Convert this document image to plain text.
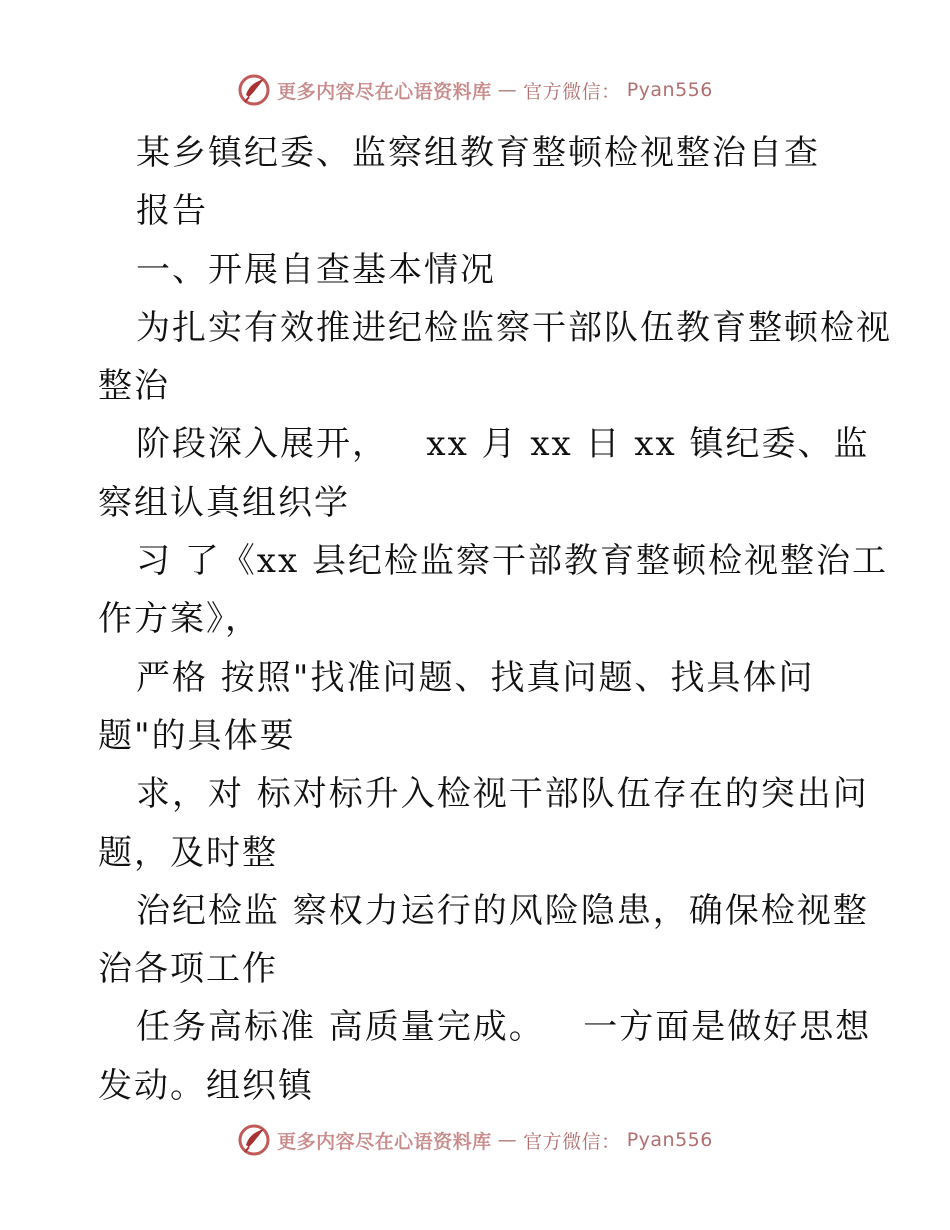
更多内容尽在心语资料库 — 官方微信： Pyan556
某乡镇纪委、监察组教育整顿检视整治自查
报告
一、开展自查基本情况
为扎实有效推进纪检监察干部队伍教育整顿检视
整治
阶段深入展开，   xx 月 xx 日 xx 镇纪委、监
察组认真组织学
习 了《xx 县纪检监察干部教育整顿检视整治工
作方案》，
严格 按照"找准问题、找真问题、找具体问
题"的具体要
求，对 标对标升入检视干部队伍存在的突出问
题，及时整
治纪检监 察权力运行的风险隐患，确保检视整
治各项工作
任务高标准 高质量完成。   一方面是做好思想
发动。组织镇
更多内容尽在心语资料库 — 官方微信： Pyan556
